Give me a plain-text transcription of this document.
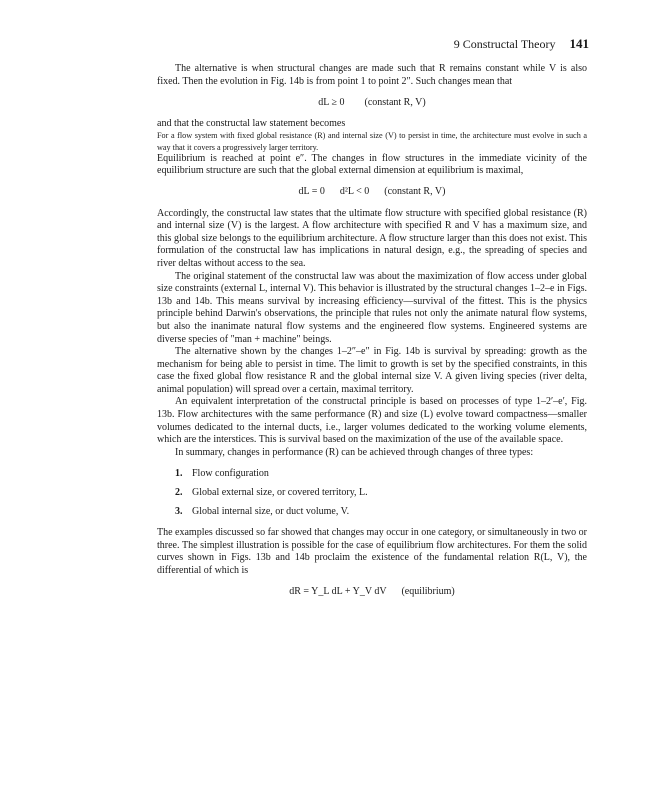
9 Constructal Theory 141

The alternative is when structural changes are made such that R remains constant while V is also fixed. Then the evolution in Fig. 14b is from point 1 to point 2″. Such changes mean that

dL ≥ 0        (constant R, V)

and that the constructal law statement becomes

For a flow system with fixed global resistance (R) and internal size (V) to persist in time, the architecture must evolve in such a way that it covers a progressively larger territory.

Equilibrium is reached at point e″. The changes in flow structures in the immediate vicinity of the equilibrium structure are such that the global external dimension at equilibrium is maximal,

dL = 0      d²L < 0      (constant R, V)

Accordingly, the constructal law states that the ultimate flow structure with specified global resistance (R) and internal size (V) is the largest. A flow architecture with specified R and V has a maximum size, and this global size belongs to the equilibrium architecture. A flow structure larger than this does not exist. This formulation of the constructal law has implications in natural design, e.g., the spreading of species and river deltas without access to the sea.

The original statement of the constructal law was about the maximization of flow access under global size constraints (external L, internal V). This behavior is illustrated by the structural changes 1–2–e in Figs. 13b and 14b. This means survival by increasing efficiency—survival of the fittest. This is the physics principle behind Darwin's observations, the principle that rules not only the animate natural flow systems, but also the inanimate natural flow systems and the engineered flow systems. Engineered systems are diverse species of "man + machine" beings.

The alternative shown by the changes 1–2″–e″ in Fig. 14b is survival by spreading: growth as the mechanism for being able to persist in time. The limit to growth is set by the specified constraints, in this case the fixed global flow resistance R and the global internal size V. A given living species (river delta, animal population) will spread over a certain, maximal territory.

An equivalent interpretation of the constructal principle is based on processes of type 1–2′–e′, Fig. 13b. Flow architectures with the same performance (R) and size (L) evolve toward compactness—smaller volumes dedicated to the internal ducts, i.e., larger volumes dedicated to the working volume elements, which are the interstices. This is survival based on the maximization of the use of the available space.

In summary, changes in performance (R) can be achieved through changes of three types:

1. Flow configuration
2. Global external size, or covered territory, L.
3. Global internal size, or duct volume, V.

The examples discussed so far showed that changes may occur in one category, or simultaneously in two or three. The simplest illustration is possible for the case of equilibrium flow architectures. For them the solid curves shown in Figs. 13b and 14b proclaim the existence of the fundamental relation R(L, V), the differential of which is

dR = Y_L dL + Y_V dV      (equilibrium)
